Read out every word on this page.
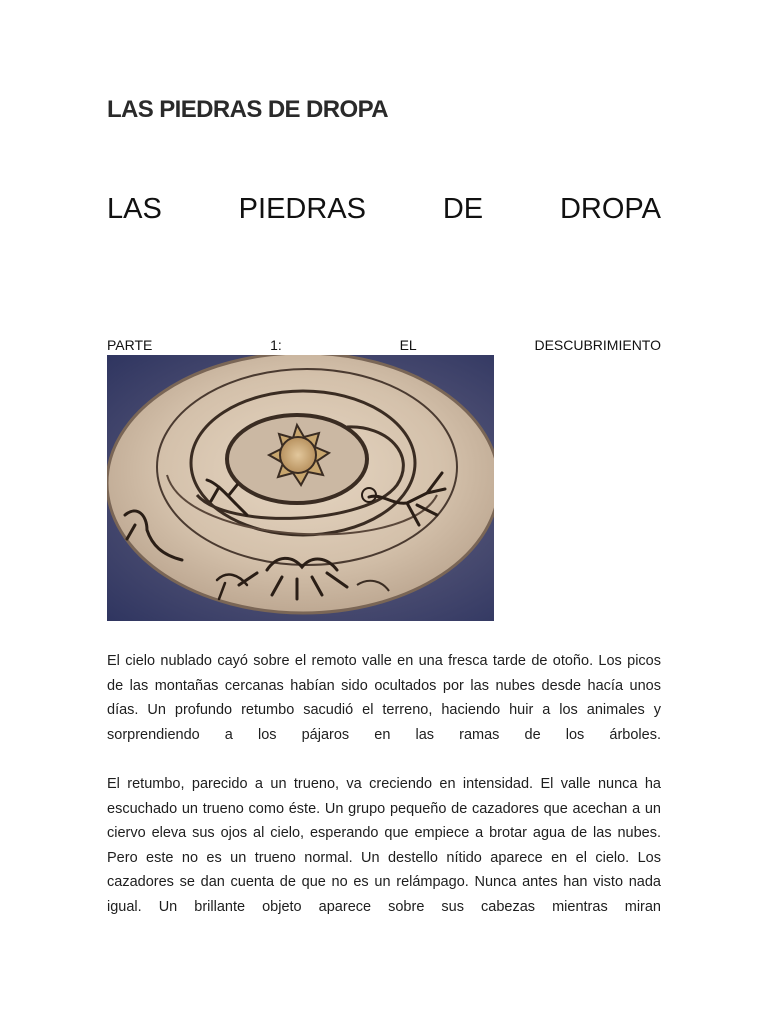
LAS PIEDRAS DE DROPA
LAS	PIEDRAS	DE	DROPA
PARTE	1:	EL	DESCUBRIMIENTO

El cielo nublado cayó sobre el remoto valle en una fresca tarde de otoño. Los picos de las montañas cercanas habían sido ocultados por las nubes desde hacía unos días. Un profundo retumbo sacudió el terreno, haciendo huir a los animales y sorprendiendo a los pájaros en las ramas de los árboles.

El retumbo, parecido a un trueno, va creciendo en intensidad. El valle nunca ha escuchado un trueno como éste. Un grupo pequeño de cazadores que acechan a un ciervo eleva sus ojos al cielo, esperando que empiece a brotar agua de las nubes. Pero este no es un trueno normal. Un destello nítido aparece en el cielo. Los cazadores se dan cuenta de que no es un relámpago. Nunca antes han visto nada igual. Un brillante objeto aparece sobre sus cabezas mientras miran
